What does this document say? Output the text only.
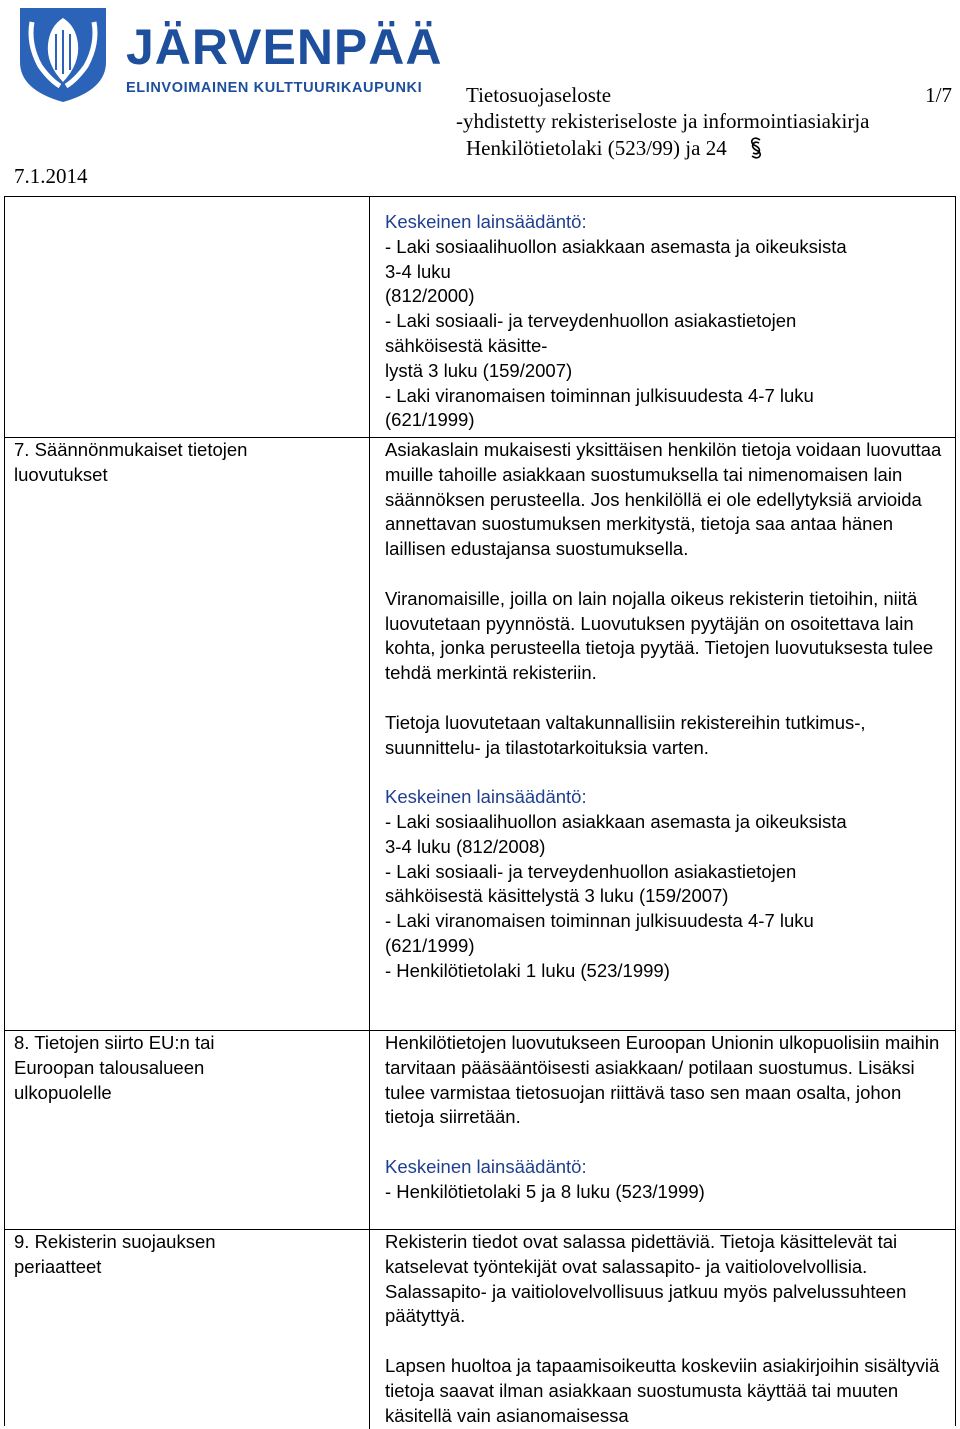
JÄRVENPÄÄ
ELINVOIMAINEN KULTTUURIKAUPUNKI Tietosuojaseloste	1/7
-yhdistetty rekisteriseloste ja informointiasiakirja
Henkilötietolaki (523/99) ja 24
7.1.2014

Keskeinen lainsäädäntö:

- Laki sosiaalihuollon asiakkaan asemasta ja oikeuksista

3-4 luku

(812/2000)

- Laki sosiaali- ja terveydenhuollon asiakastietojen

sähköisestä käsitte-

lystä 3 luku (159/2007)

- Laki viranomaisen toiminnan julkisuudesta 4-7 luku

(621/1999)

7. Säännönmukaiset tietojen luovutukset

Asiakaslain mukaisesti yksittäisen henkilön tietoja voidaan luovuttaa muille tahoille asiakkaan suostumuksella tai nimenomaisen lain säännöksen perusteella. Jos henkilöllä ei ole edellytyksiä arvioida annettavan suostumuksen merkitystä, tietoja saa antaa hänen laillisen edustajansa suostumuksella.

Viranomaisille, joilla on lain nojalla oikeus rekisterin tietoihin, niitä luovutetaan pyynnöstä. Luovutuksen pyytäjän on osoitettava lain kohta, jonka perusteella tietoja pyytää. Tietojen luovutuksesta tulee tehdä merkintä rekisteriin.

Tietoja luovutetaan valtakunnallisiin rekistereihin tutkimus-, suunnittelu- ja tilastotarkoituksia varten.

Keskeinen lainsäädäntö:

- Laki sosiaalihuollon asiakkaan asemasta ja oikeuksista

3-4 luku (812/2008)

- Laki sosiaali- ja terveydenhuollon asiakastietojen

sähköisestä käsittelystä 3 luku (159/2007)

- Laki viranomaisen toiminnan julkisuudesta 4-7 luku

(621/1999)

- Henkilötietolaki 1 luku (523/1999)

8. Tietojen siirto EU:n tai Euroopan talousalueen ulkopuolelle

Henkilötietojen luovutukseen Euroopan Unionin ulkopuolisiin maihin tarvitaan pääsääntöisesti asiakkaan/ potilaan suostumus. Lisäksi tulee varmistaa tietosuojan riittävä taso sen maan osalta, johon tietoja siirretään.

Keskeinen lainsäädäntö:

- Henkilötietolaki 5 ja 8 luku (523/1999)

9. Rekisterin suojauksen periaatteet

Rekisterin tiedot ovat salassa pidettäviä. Tietoja käsittelevät tai katselevat työntekijät ovat salassapito- ja vaitiolovelvollisia. Salassapito- ja vaitiolovelvollisuus jatkuu myös palvelussuhteen päätyttyä.

Lapsen huoltoa ja tapaamisoikeutta koskeviin asiakirjoihin sisältyviä tietoja saavat ilman asiakkaan suostumusta käyttää tai muuten käsitellä vain asianomaisessa
